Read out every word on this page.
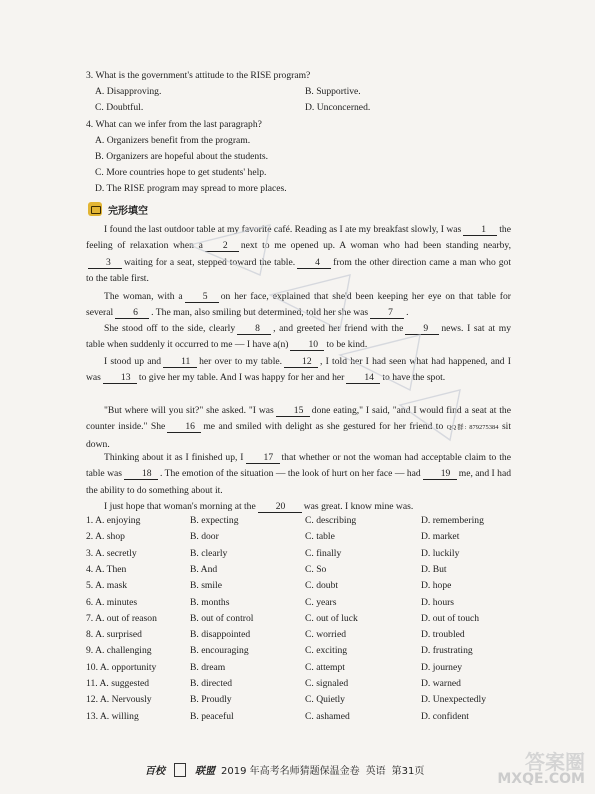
3. What is the government's attitude to the RISE program?
A. Disapproving.	B. Supportive.
C. Doubtful.	D. Unconcerned.
4. What can we infer from the last paragraph?
A. Organizers benefit from the program.
B. Organizers are hopeful about the students.
C. More countries hope to get students' help.
D. The RISE program may spread to more places.
完形填空
I found the last outdoor table at my favorite café. Reading as I ate my breakfast slowly, I was 1 the feeling of relaxation when a 2 next to me opened up. A woman who had been standing nearby,3 waiting for a seat, stepped toward the table. 4 from the other direction came a man who got to the table first.
The woman, with a 5 on her face, explained that she'd been keeping her eye on that table for several 6 . The man, also smiling but determined, told her she was 7 .
She stood off to the side, clearly 8 , and greeted her friend with the 9 news. I sat at my table when suddenly it occurred to me — I have a(n) 10 to be kind.
I stood up and 11 her over to my table. 12 , I told her I had seen what had happened, and I was 13 to give her my table. And I was happy for her and her 14 to have the spot.
"But where will you sit?" she asked. "I was 15 done eating," I said, "and I would find a seat at the counter inside." She 16 me and smiled with delight as she gestured for her friend to QQ群: 879275384 sit down.
Thinking about it as I finished up, I 17 that whether or not the woman had acceptable claim to the table was 18 . The emotion of the situation — the look of hurt on her face — had 19 me, and I had the ability to do something about it.
I just hope that woman's morning at the 20 was great. I know mine was.
1. A. enjoying	B. expecting	C. describing	D. remembering
2. A. shop	B. door	C. table	D. market
3. A. secretly	B. clearly	C. finally	D. luckily
4. A. Then	B. And	C. So	D. But
5. A. mask	B. smile	C. doubt	D. hope
6. A. minutes	B. months	C. years	D. hours
7. A. out of reason	B. out of control	C. out of luck	D. out of touch
8. A. surprised	B. disappointed	C. worried	D. troubled
9. A. challenging	B. encouraging	C. exciting	D. frustrating
10. A. opportunity	B. dream	C. attempt	D. journey
11. A. suggested	B. directed	C. signaled	D. warned
12. A. Nervously	B. Proudly	C. Quietly	D. Unexpectedly
13. A. willing	B. peaceful	C. ashamed	D. confident
百校	联盟 2019 年高考名师猜题保温金卷 英语 第31页	答案圈
MXQE.COM
